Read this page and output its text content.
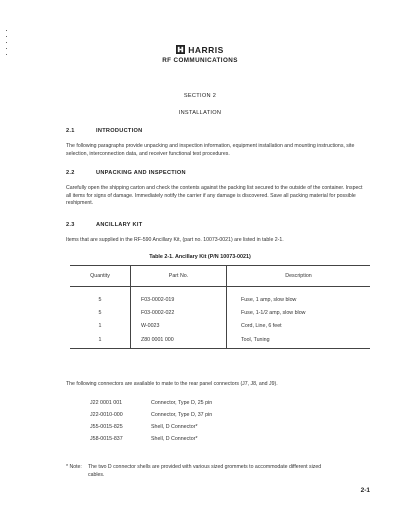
HARRIS
RF COMMUNICATIONS
SECTION 2
INSTALLATION
2.1	INTRODUCTION

The following paragraphs provide unpacking and inspection information, equipment installation and mounting instructions, site selection, interconnection data, and receiver functional test procedures.

2.2	UNPACKING AND INSPECTION

Carefully open the shipping carton and check the contents against the packing list secured to the outside of the container. Inspect all items for signs of damage. Immediately notify the carrier if any damage is discovered. Save all packing material for possible reshipment.

2.3	ANCILLARY KIT

Items that are supplied in the RF-590 Ancillary Kit, (part no. 10073-0021) are listed in table 2-1.

Table 2-1. Ancillary Kit (P/N 10073-0021)
Quantity	Part No.	Description
5	F03-0002-019	Fuse, 1 amp, slow blow
5	F03-0002-022	Fuse, 1-1/2 amp, slow blow
1	W-0023	Cord, Line, 6 feet
1	Z80 0001 000	Tool, Tuning

The following connectors are available to mate to the rear panel connectors (J7, J8, and J9).

J22 0001 001	Connector, Type D, 25 pin
J22-0010-000	Connector, Type D, 37 pin
J55-0015-825	Shell, D Connector*
J58-0015-837	Shell, D Connector*
* Note:	The two D connector shells are provided with various sized grommets to accommodate different sized cables.
2-1
